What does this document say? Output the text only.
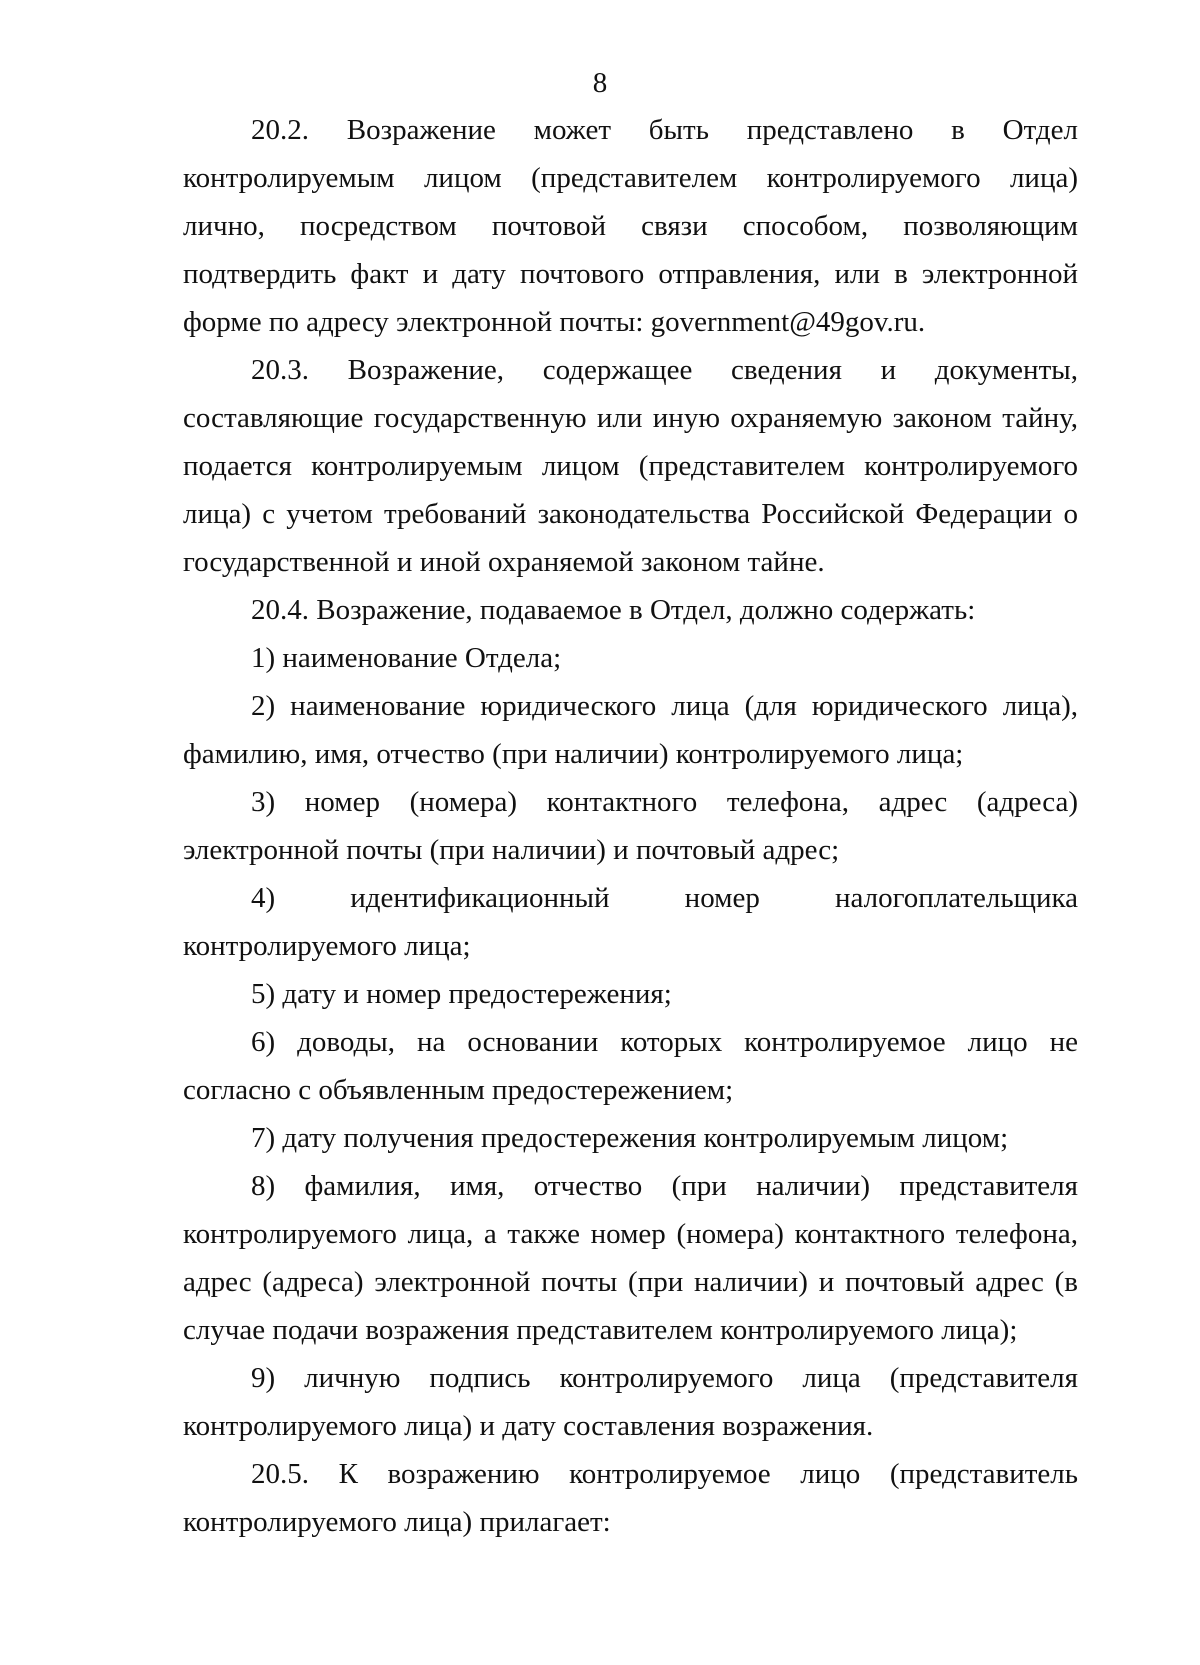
8

20.2. Возражение может быть представлено в Отдел контролируемым лицом (представителем контролируемого лица) лично, посредством почтовой связи способом, позволяющим подтвердить факт и дату почтового отправления, или в электронной форме по адресу электронной почты: government@49gov.ru.

20.3. Возражение, содержащее сведения и документы, составляющие государственную или иную охраняемую законом тайну, подается контролируемым лицом (представителем контролируемого лица) с учетом требований законодательства Российской Федерации о государственной и иной охраняемой законом тайне.

20.4. Возражение, подаваемое в Отдел, должно содержать:

1) наименование Отдела;

2) наименование юридического лица (для юридического лица), фамилию, имя, отчество (при наличии) контролируемого лица;

3) номер (номера) контактного телефона, адрес (адреса) электронной почты (при наличии) и почтовый адрес;

4) идентификационный номер налогоплательщика контролируемого лица;

5) дату и номер предостережения;

6) доводы, на основании которых контролируемое лицо не согласно с объявленным предостережением;

7) дату получения предостережения контролируемым лицом;

8) фамилия, имя, отчество (при наличии) представителя контролируемого лица, а также номер (номера) контактного телефона, адрес (адреса) электронной почты (при наличии) и почтовый адрес (в случае подачи возражения представителем контролируемого лица);

9) личную подпись контролируемого лица (представителя контролируемого лица) и дату составления возражения.

20.5. К возражению контролируемое лицо (представитель контролируемого лица) прилагает:
